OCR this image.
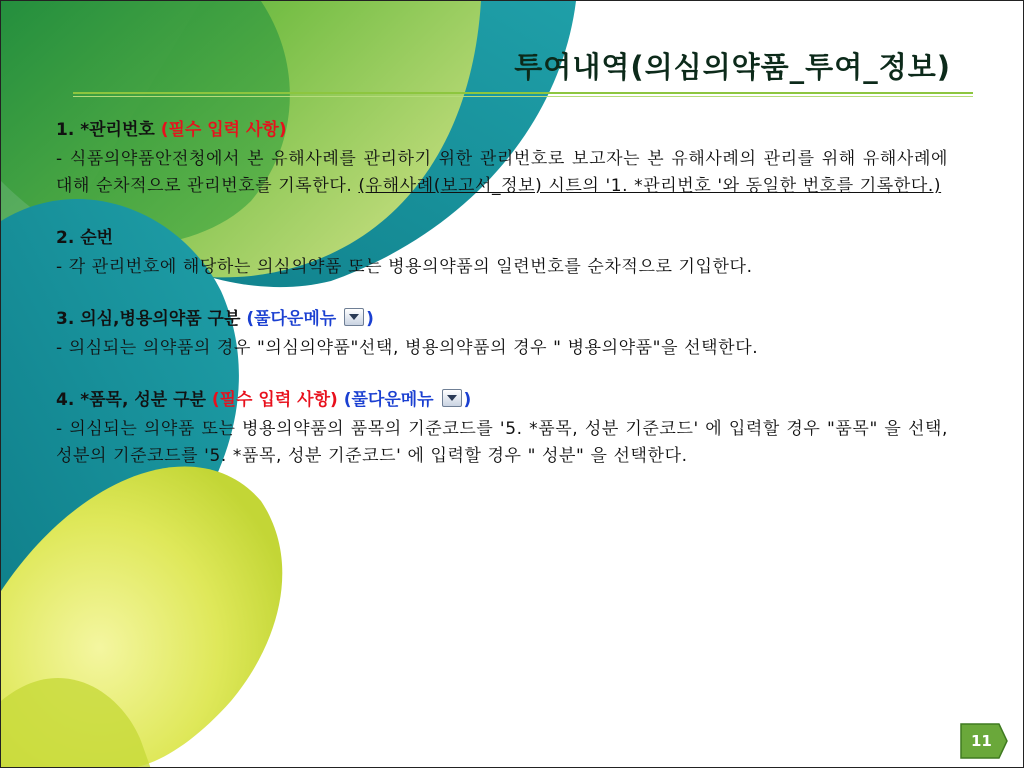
투여내역(의심의약품_투여_정보)

1. *관리번호 (필수 입력 사항)

- 식품의약품안전청에서 본 유해사례를 관리하기 위한 관리번호로 보고자는 본 유해사례의 관리를 위해 유해사례에 대해 순차적으로 관리번호를 기록한다. (유해사례(보고서_정보) 시트의 '1. *관리번호 '와 동일한 번호를 기록한다.)

2. 순번

- 각 관리번호에 해당하는 의심의약품 또는 병용의약품의 일련번호를 순차적으로 기입한다.

3. 의심,병용의약품 구분 (풀다운메뉴 )

- 의심되는 의약품의 경우 "의심의약품"선택, 병용의약품의 경우 " 병용의약품"을 선택한다.

4. *품목, 성분 구분 (필수 입력 사항) (풀다운메뉴 )

- 의심되는 의약품 또는 병용의약품의 품목의 기준코드를 '5. *품목, 성분 기준코드' 에 입력할 경우 "품목" 을 선택, 성분의 기준코드를 '5. *품목, 성분 기준코드' 에 입력할 경우 " 성분" 을 선택한다.

11
